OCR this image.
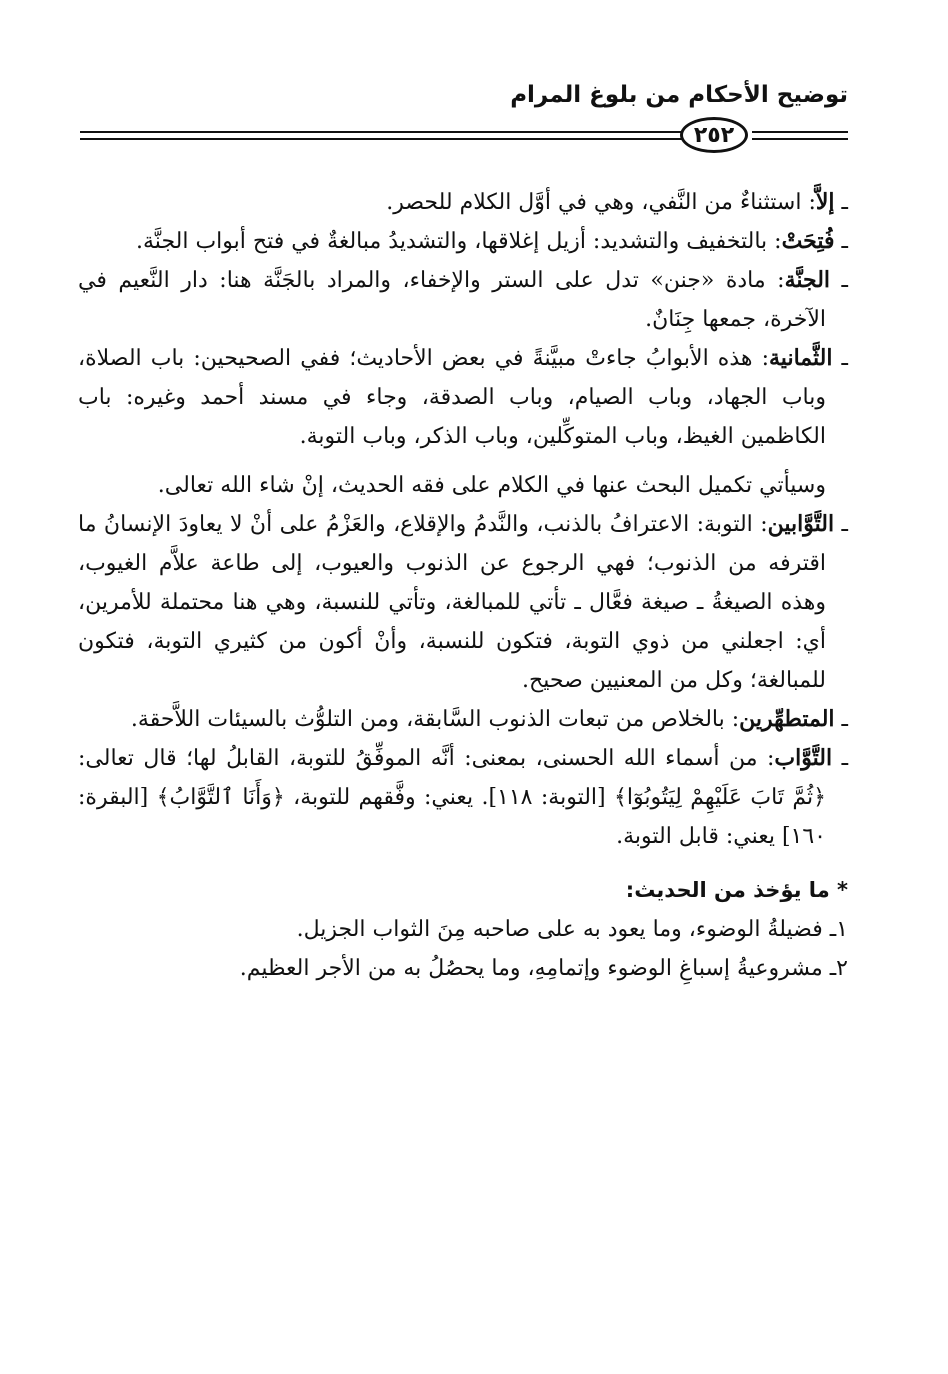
توضيح الأحكام من بلوغ المرام
٢٥٢

ـ إلاَّ: استثناءٌ من النَّفي، وهي في أوَّل الكلام للحصر.

ـ فُتِحَتْ: بالتخفيف والتشديد: أزيل إغلاقها، والتشديدُ مبالغةٌ في فتح أبواب الجنَّة.

ـ الجنَّة: مادة «جنن» تدل على الستر والإخفاء، والمراد بالجَنَّة هنا: دار النَّعيم في الآخرة، جمعها جِنَانٌ.

ـ الثَّمانية: هذه الأبوابُ جاءتْ مبيَّنةً في بعض الأحاديث؛ ففي الصحيحين: باب الصلاة، وباب الجهاد، وباب الصيام، وباب الصدقة، وجاء في مسند أحمد وغيره: باب الكاظمين الغيظ، وباب المتوكِّلين، وباب الذكر، وباب التوبة.

وسيأتي تكميل البحث عنها في الكلام على فقه الحديث، إنْ شاء الله تعالى.

ـ التَّوَّابين: التوبة: الاعترافُ بالذنب، والنَّدمُ والإقلاع، والعَزْمُ على أنْ لا يعاودَ الإنسانُ ما اقترفه من الذنوب؛ فهي الرجوع عن الذنوب والعيوب، إلى طاعة علاَّم الغيوب، وهذه الصيغةُ ـ صيغة فعَّال ـ تأتي للمبالغة، وتأتي للنسبة، وهي هنا محتملة للأمرين، أي: اجعلني من ذوي التوبة، فتكون للنسبة، وأنْ أكون من كثيري التوبة، فتكون للمبالغة؛ وكل من المعنيين صحيح.

ـ المتطهِّرين: بالخلاص من تبعات الذنوب السَّابقة، ومن التلوُّث بالسيئات اللاَّحقة.

ـ التَّوَّاب: من أسماء الله الحسنى، بمعنى: أنَّه الموفِّقُ للتوبة، القابلُ لها؛ قال تعالى: ﴿ثُمَّ تَابَ عَلَيْهِمْ لِيَتُوبُوٓا﴾ [التوبة: ١١٨]. يعني: وفَّقهم للتوبة، ﴿وَأَنَا ٱلتَّوَّابُ﴾ [البقرة: ١٦٠] يعني: قابل التوبة.

* ما يؤخذ من الحديث:

١ـ فضيلةُ الوضوء، وما يعود به على صاحبه مِنَ الثواب الجزيل.

٢ـ مشروعيةُ إسباغِ الوضوء وإتمامِهِ، وما يحصُلُ به من الأجر العظيم.
